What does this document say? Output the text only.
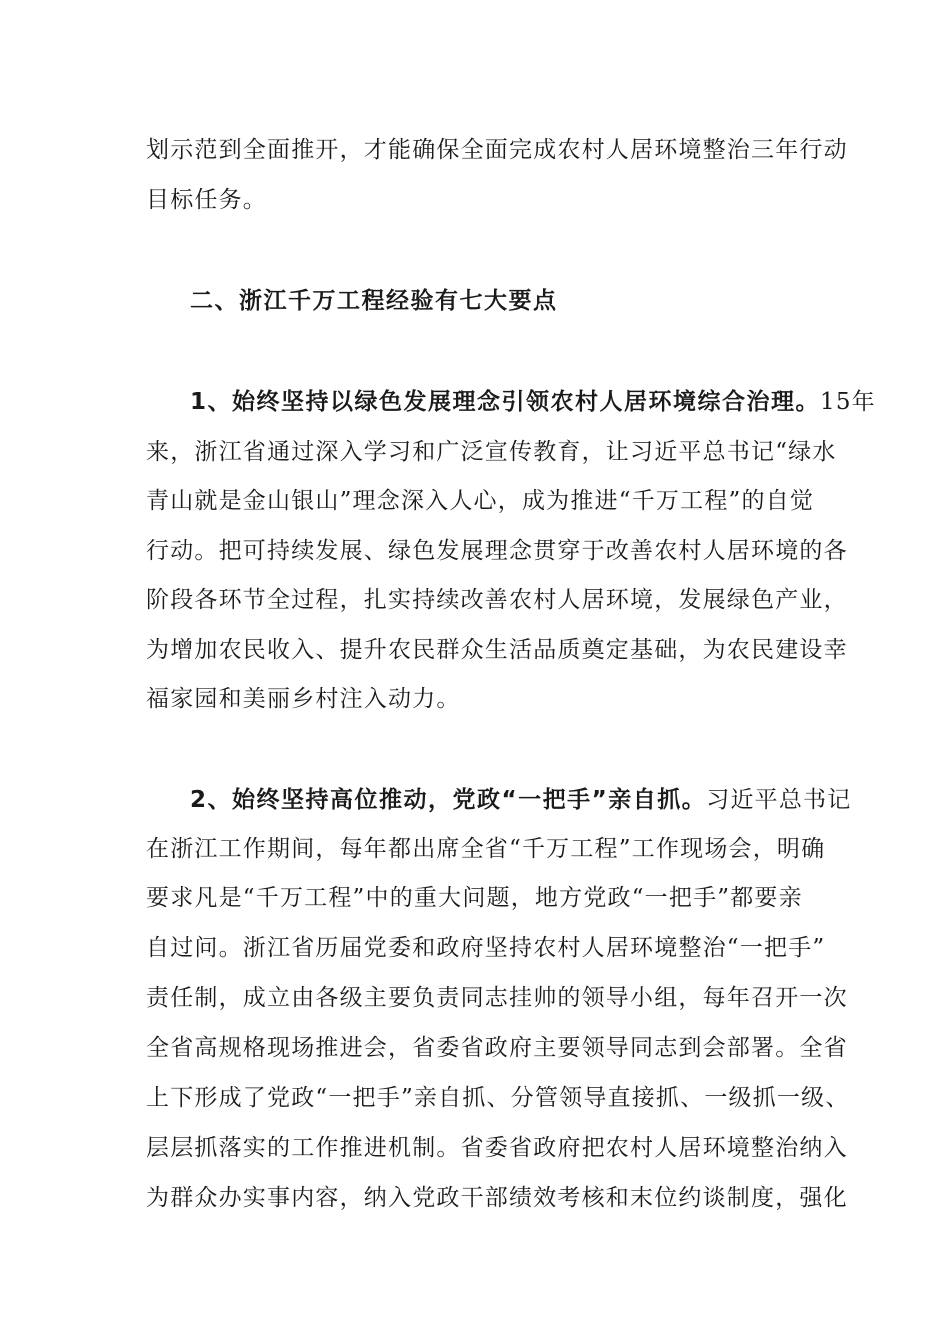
划示范到全面推开，才能确保全面完成农村人居环境整治三年行动
目标任务。
二、浙江千万工程经验有七大要点
1、始终坚持以绿色发展理念引领农村人居环境综合治理。15年
来，浙江省通过深入学习和广泛宣传教育，让习近平总书记“绿水
青山就是金山银山”理念深入人心，成为推进“千万工程”的自觉
行动。把可持续发展、绿色发展理念贯穿于改善农村人居环境的各
阶段各环节全过程，扎实持续改善农村人居环境，发展绿色产业，
为增加农民收入、提升农民群众生活品质奠定基础，为农民建设幸
福家园和美丽乡村注入动力。
2、始终坚持高位推动，党政“一把手”亲自抓。习近平总书记
在浙江工作期间，每年都出席全省“千万工程”工作现场会，明确
要求凡是“千万工程”中的重大问题，地方党政“一把手”都要亲
自过问。浙江省历届党委和政府坚持农村人居环境整治“一把手”
责任制，成立由各级主要负责同志挂帅的领导小组，每年召开一次
全省高规格现场推进会，省委省政府主要领导同志到会部署。全省
上下形成了党政“一把手”亲自抓、分管领导直接抓、一级抓一级、
层层抓落实的工作推进机制。省委省政府把农村人居环境整治纳入
为群众办实事内容，纳入党政干部绩效考核和末位约谈制度，强化
